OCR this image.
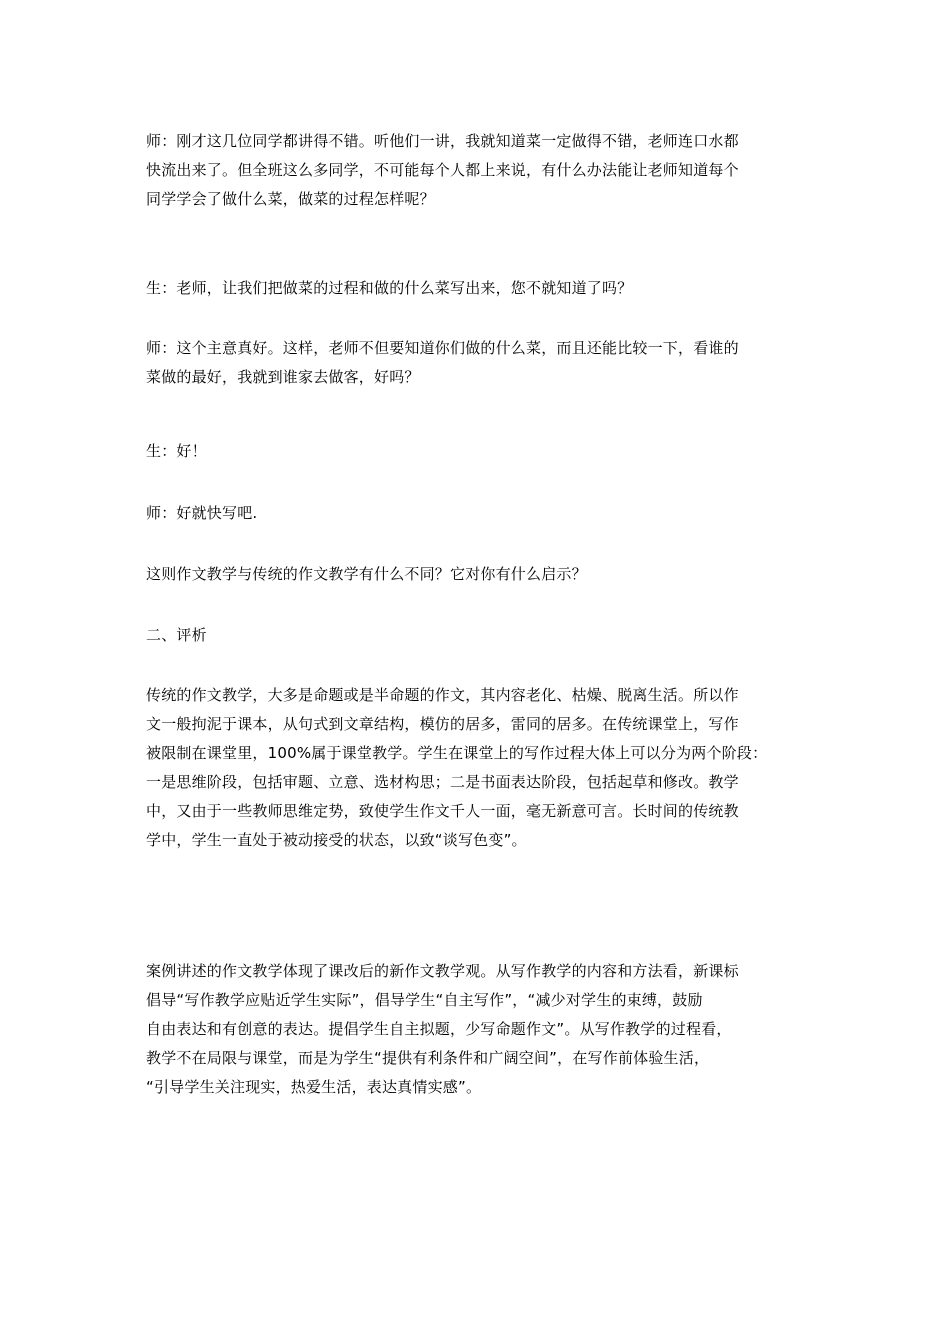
师：刚才这几位同学都讲得不错。听他们一讲，我就知道菜一定做得不错，老师连口水都
快流出来了。但全班这么多同学，不可能每个人都上来说，有什么办法能让老师知道每个
同学学会了做什么菜，做菜的过程怎样呢？
生：老师，让我们把做菜的过程和做的什么菜写出来，您不就知道了吗？
师：这个主意真好。这样，老师不但要知道你们做的什么菜，而且还能比较一下，看谁的
菜做的最好，我就到谁家去做客，好吗？
生：好！
师：好就快写吧.
这则作文教学与传统的作文教学有什么不同？它对你有什么启示？
二、评析
传统的作文教学，大多是命题或是半命题的作文，其内容老化、枯燥、脱离生活。所以作
文一般拘泥于课本，从句式到文章结构，模仿的居多，雷同的居多。在传统课堂上，写作
被限制在课堂里，100%属于课堂教学。学生在课堂上的写作过程大体上可以分为两个阶段：
一是思维阶段，包括审题、立意、选材构思；二是书面表达阶段，包括起草和修改。教学
中，又由于一些教师思维定势，致使学生作文千人一面，毫无新意可言。长时间的传统教
学中，学生一直处于被动接受的状态，以致“谈写色变”。
案例讲述的作文教学体现了课改后的新作文教学观。从写作教学的内容和方法看，新课标
倡导“写作教学应贴近学生实际”，倡导学生“自主写作”，“减少对学生的束缚，鼓励
自由表达和有创意的表达。提倡学生自主拟题，少写命题作文”。从写作教学的过程看，
教学不在局限与课堂，而是为学生“提供有利条件和广阔空间”，在写作前体验生活，
“引导学生关注现实，热爱生活，表达真情实感”。
